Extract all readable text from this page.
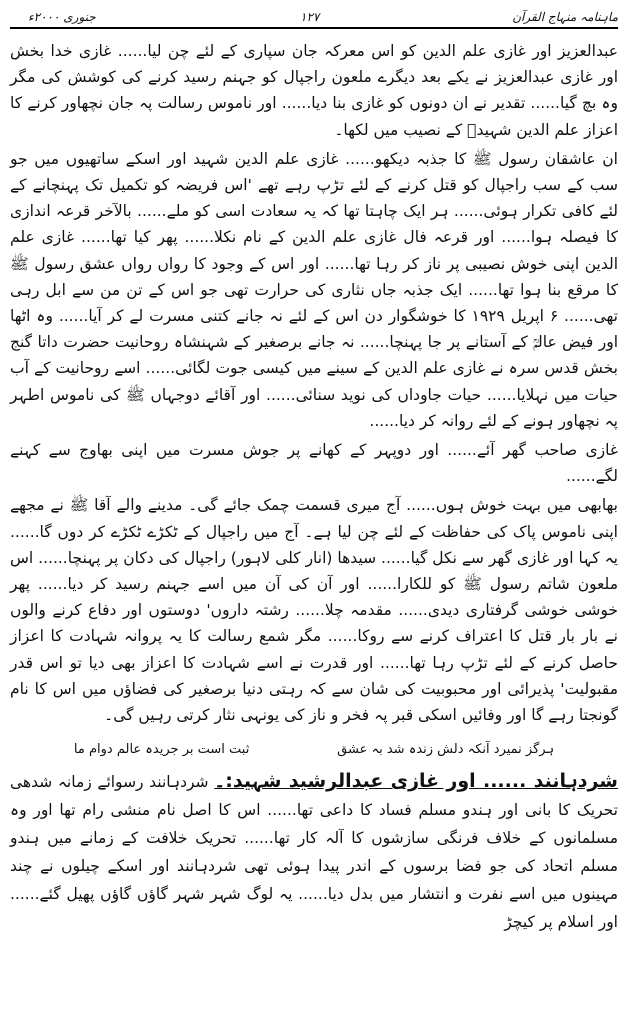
ماہنامہ منہاج القرآن
۱۲۷
جنوری ۲۰۰۰ء

عبدالعزیز اور غازی علم الدین کو اس معرکہ جان سپاری کے لئے چن لیا...... غازی خدا بخش اور غازی عبدالعزیز نے یکے بعد دیگرے ملعون راجپال کو جہنم رسید کرنے کی کوشش کی مگر وہ بچ گیا...... تقدیر نے ان دونوں کو غازی بنا دیا...... اور ناموس رسالت پہ جان نچھاور کرنے کا اعزاز علم الدین شہیدؒ کے نصیب میں لکھا۔

ان عاشقان رسول ﷺ کا جذبہ دیکھو...... غازی علم الدین شہید اور اسکے ساتھیوں میں جو سب کے سب راجپال کو قتل کرنے کے لئے تڑپ رہے تھے 'اس فریضہ کو تکمیل تک پہنچانے کے لئے کافی تکرار ہوئی...... ہر ایک چاہتا تھا کہ یہ سعادت اسی کو ملے...... بالآخر قرعہ اندازی کا فیصلہ ہوا...... اور قرعہ فال غازی علم الدین کے نام نکلا...... پھر کیا تھا...... غازی علم الدین اپنی خوش نصیبی پر ناز کر رہا تھا...... اور اس کے وجود کا رواں رواں عشق رسول ﷺ کا مرقع بنا ہوا تھا...... ایک جذبہ جاں نثاری کی حرارت تھی جو اس کے تن من سے ابل رہی تھی...... ۶ اپریل ۱۹۲۹ کا خوشگوار دن اس کے لئے نہ جانے کتنی مسرت لے کر آیا...... وہ اٹھا اور فیض عالمؒ کے آستانے پر جا پہنچا...... نہ جانے برصغیر کے شہنشاہ روحانیت حضرت داتا گنج بخش قدس سرہ نے غازی علم الدین کے سینے میں کیسی جوت لگائی...... اسے روحانیت کے آب حیات میں نہلایا...... حیات جاوداں کی نوید سنائی...... اور آقائے دوجہاں ﷺ کی ناموس اطہر پہ نچھاور ہونے کے لئے روانہ کر دیا......

غازی صاحب گھر آئے...... اور دوپہر کے کھانے پر جوش مسرت میں اپنی بھاوج سے کہنے لگے......

بھابھی میں بہت خوش ہوں...... آج میری قسمت چمک جائے گی۔ مدینے والے آقا ﷺ نے مجھے اپنی ناموس پاک کی حفاظت کے لئے چن لیا ہے۔ آج میں راجپال کے ٹکڑے ٹکڑے کر دوں گا...... یہ کہا اور غازی گھر سے نکل گیا...... سیدھا (انار کلی لاہور) راجپال کی دکان پر پہنچا...... اس ملعون شاتم رسول ﷺ کو للکارا...... اور آن کی آن میں اسے جہنم رسید کر دیا...... پھر خوشی خوشی گرفتاری دیدی...... مقدمہ چلا...... رشتہ داروں' دوستوں اور دفاع کرنے والوں نے بار بار قتل کا اعتراف کرنے سے روکا...... مگر شمع رسالت کا یہ پروانہ شہادت کا اعزاز حاصل کرنے کے لئے تڑپ رہا تھا...... اور قدرت نے اسے شہادت کا اعزاز بھی دیا تو اس قدر مقبولیت' پذیرائی اور محبوبیت کی شان سے کہ رہتی دنیا برصغیر کی فضاؤں میں اس کا نام گونجتا رہے گا اور وفائیں اسکی قبر پہ فخر و ناز کی یونہی نثار کرتی رہیں گی۔

ہرگز نمیرد آنکہ دلش زندہ شد بہ عشق
ثبت است بر جریدہ عالم دوام ما

شردہانند ...... اور غازی عبدالرشید شہید:۔ شردہانند رسوائے زمانہ شدھی تحریک کا بانی اور ہندو مسلم فساد کا داعی تھا...... اس کا اصل نام منشی رام تھا اور وہ مسلمانوں کے خلاف فرنگی سازشوں کا آلہ کار تھا...... تحریک خلافت کے زمانے میں ہندو مسلم اتحاد کی جو فضا برسوں کے اندر پیدا ہوئی تھی شردہانند اور اسکے چیلوں نے چند مہینوں میں اسے نفرت و انتشار میں بدل دیا...... یہ لوگ شہر شہر گاؤں گاؤں پھیل گئے...... اور اسلام پر کیچڑ
